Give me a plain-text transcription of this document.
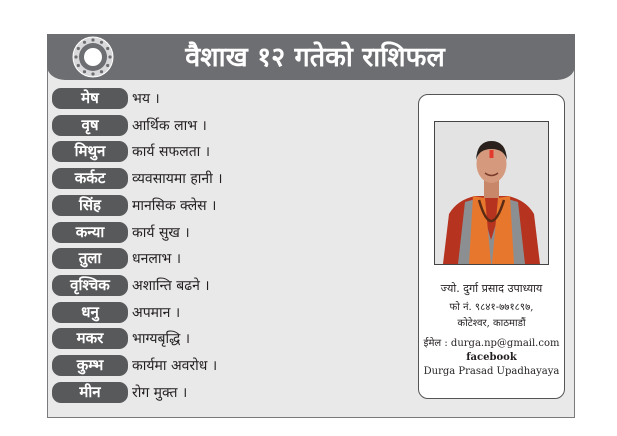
वैशाख १२ गतेको राशिफल
मेष	भय ।
वृष	आर्थिक लाभ ।
मिथुन	कार्य सफलता ।
कर्कट	व्यवसायमा हानी ।
सिंह	मानसिक क्लेस ।
कन्या	कार्य सुख ।
तुला	धनलाभ ।
वृश्चिक	अशान्ति बढने ।
धनु	अपमान ।
मकर	भाग्यबृद्धि ।
कुम्भ	कार्यमा अवरोध ।
मीन	रोग मुक्त ।
ज्यो. दुर्गा प्रसाद उपाध्याय
फो नं. ९८४१-७७१८९७,
कोटेश्वर, काठमाडौं
ईमेल : durga.np@gmail.com
facebook
Durga Prasad Upadhayaya
